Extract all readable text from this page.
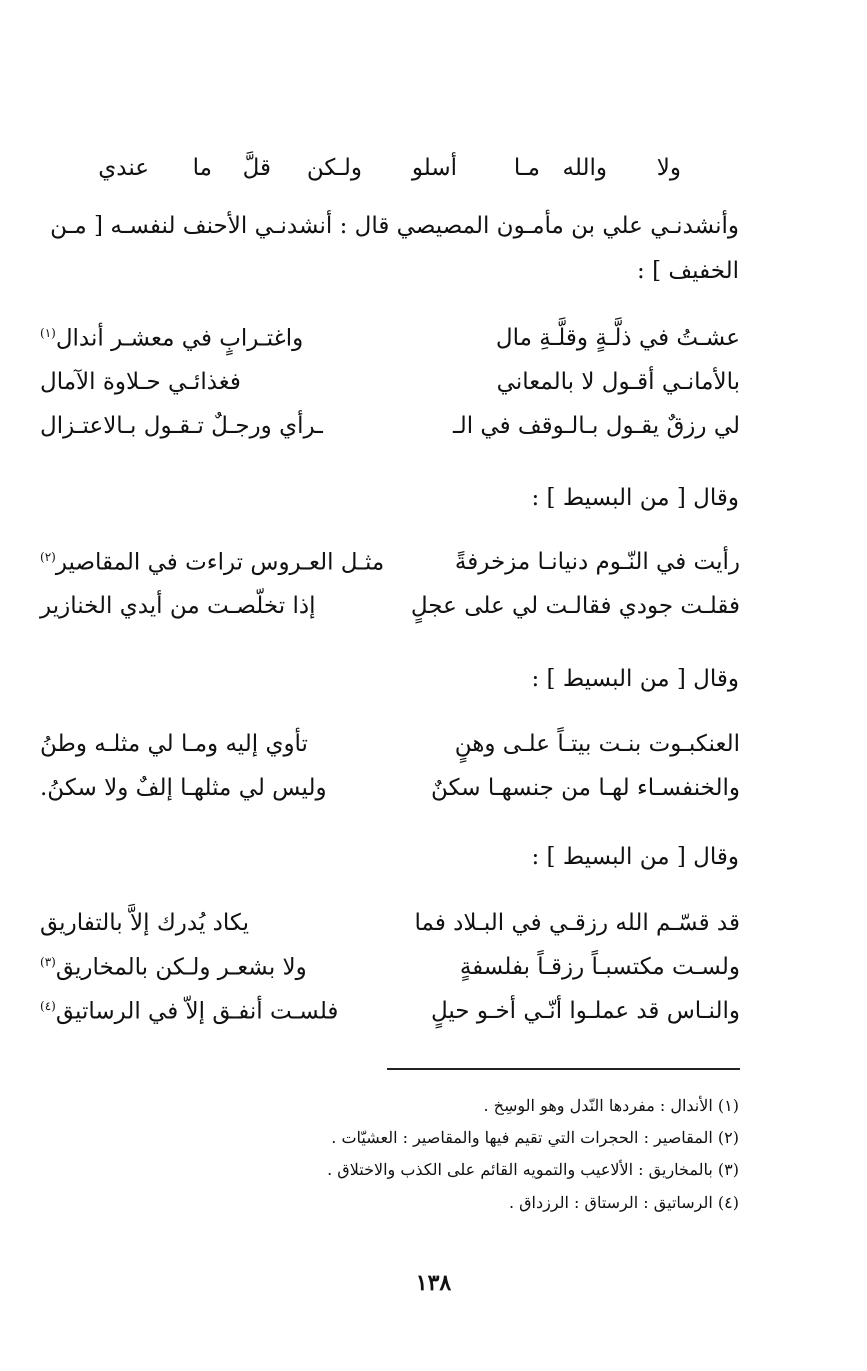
ولا
والله
مـا
أسلو
ولـكن
قلَّ
ما
عندي
وأنشدنـي علي بن مأمـون المصيصي قال : أنشدنـي الأحنف لنفسـه [ مـن
الخفيف ] :
عشـتُ في ذلَّـةٍ وقلَّـةِ مال
واغتـرابٍ في معشـر أندال$^{(١)}$
بالأمانـي أقـول لا بالمعاني
فغذائـي حـلاوة الآمال
لي رزقٌ يقـول بـالـوقف في الـ
ـرأي ورجـلٌ تـقـول بـالاعتـزال
وقال [ من البسيط ] :
رأيت في النّـوم دنيانـا مزخرفةً
مثـل العـروس تراءت في المقاصير$^{(٢)}$
فقلـت جودي فقالـت لي على عجلٍ
إذا تخلّصـت من أيدي الخنازير
وقال [ من البسيط ] :
العنكبـوت بنـت بيتـاً علـى وهنٍ
تأوي إليه ومـا لي مثلـه وطنُ
والخنفسـاء لهـا من جنسهـا سكنٌ
وليس لي مثلهـا إلفٌ ولا سكنُ.
وقال [ من البسيط ] :
قد قسّـم الله رزقـي في البـلاد فما
يكاد يُدرك إلاَّ بالتفاريق
ولسـت مكتسبـاً رزقـاً بفلسفةٍ
ولا بشعـر ولـكن بالمخاريق$^{(٣)}$
والنـاس قد عملـوا أنّـي أخـو حيلٍ
فلسـت أنفـق إلاّ في الرساتيق$^{(٤)}$
(١) الأندال : مفردها النّدل وهو الوسِخ .
(٢) المقاصير : الحجرات التي تقيم فيها والمقاصير : العشيّات .
(٣) بالمخاريق : الألاعيب والتمويه القائم على الكذب والاختلاق .
(٤) الرساتيق : الرستاق : الرزداق .
١٣٨
